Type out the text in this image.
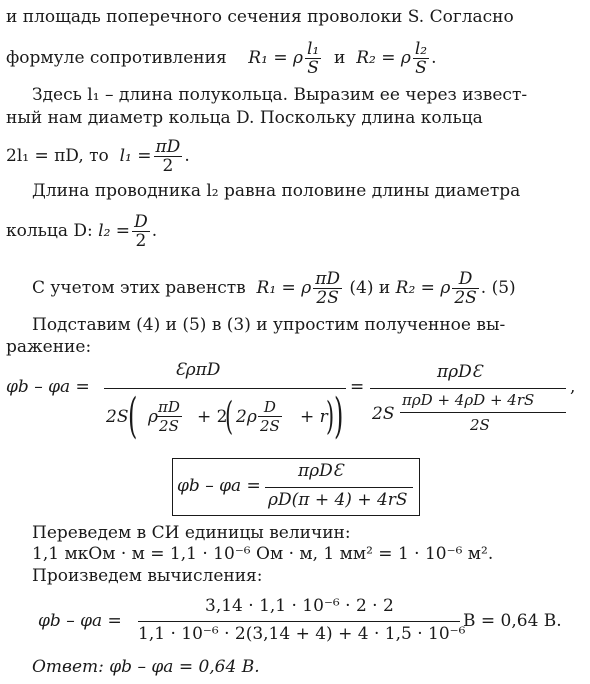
и площадь поперечного сечения проволоки S. Согласно
формуле сопротивления R₁ = ρ $\frac{\text{l₁}}{S}$ и R₂ = ρ $\frac{\text{l₂}}{S}$ .
Здесь l₁ – длина полукольца. Выразим ее через извест-
ный нам диаметр кольца D. Поскольку длина кольца
2l₁ = πD, то $l_1 = \frac{\pi D}{2}$ .
Длина проводника l₂ равна половине длины диаметра
кольца D: $l_2 = \frac{D}{2}$ .
С учетом этих равенств R₁ = ρ $\frac{\pi D}{2S} (4)$ и R₂ = ρ $\frac{D}{2S}$ . (5)
Подставим (4) и (5) в (3) и упростим полученное вы-
ражение:
φb – φa =
ƐρπD
2S ( ρ
$\frac{\pi D}{2S} + 2$
( $2\rho \frac{D}{2S} + r$
) )
=
πρDƐ
2S
πρD + 4ρD + 4rS
2S
,
φb – φa =
πρDƐ
ρD(π + 4) + 4rS
Переведем в СИ единицы величин:
1,1 мкОм · м = 1,1 · 10⁻⁶ Ом · м, 1 мм² = 1 · 10⁻⁶ м².
Произведем вычисления:
φb – φa =
3,14 · 1,1 · 10⁻⁶ · 2 · 2
1,1 · 10⁻⁶ · 2(3,14 + 4) + 4 · 1,5 · 10⁻⁶
В = 0,64 В.
Ответ: φb – φa = 0,64 В.
